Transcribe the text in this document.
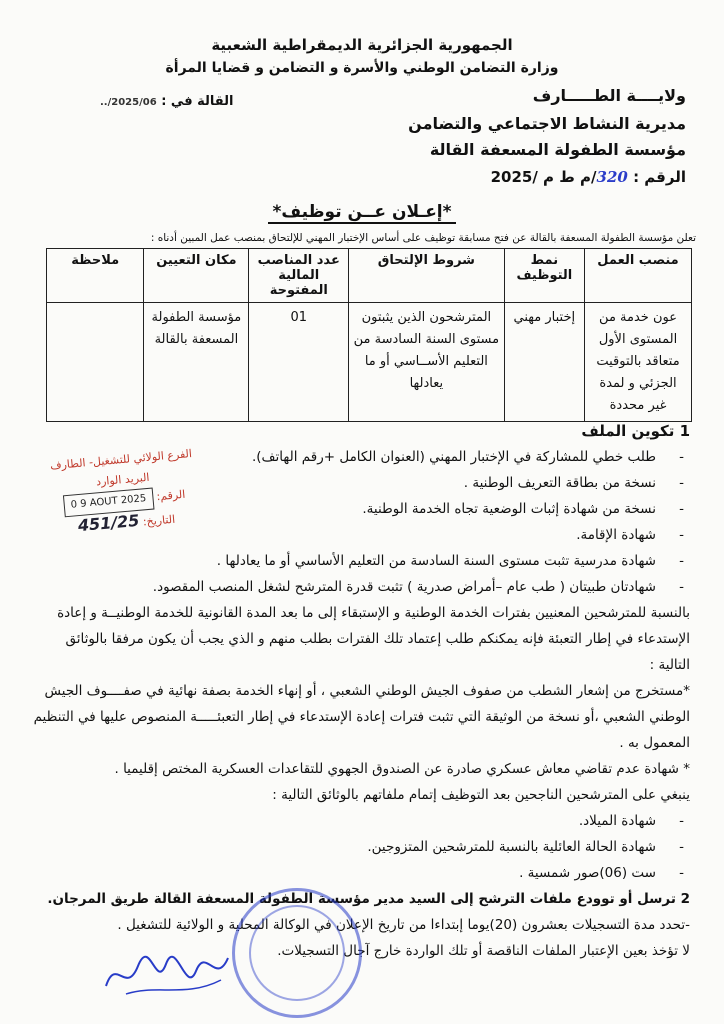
الجمهورية الجزائرية الديمقراطية الشعبية
وزارة التضامن الوطني والأسرة و التضامن و قضايا المرأة
ولايــــة الطـــــارف
القالة في : 2025/06/..
مديرية النشاط الاجتماعي والتضامن
مؤسسة الطفولة المسعفة القالة
الرقم : 320/م ط م /2025
*إعـلان عــن توظيف*
تعلن مؤسسة الطفولة المسعفة بالقالة عن فتح مسابقة توظيف على أساس الإختبار المهني للإلتحاق بمنصب عمل المبين أدناه :
منصب العمل	نمط التوظيف	شروط الإلتحاق	عدد المناصب المالية المفتوحة	مكان التعيين	ملاحظة
عون خدمة من المستوى الأول متعاقد بالتوقيت الجزئي و لمدة غير محددة	إختبار مهني	المترشحون الذين يثبتون مستوى السنة السادسة من التعليم الأســاسي أو ما يعادلها	01	مؤسسة الطفولة المسعفة بالقالة	
1 تكوين الملف
- طلب خطي للمشاركة في الإختبار المهني (العنوان الكامل +رقم الهاتف).
- نسخة من بطاقة التعريف الوطنية .
- نسخة من شهادة إثبات الوضعية تجاه الخدمة الوطنية.
- شهادة الإقامة.
- شهادة مدرسية تثبت مستوى السنة السادسة من التعليم الأساسي أو ما يعادلها .
- شهادتان طبيتان ( طب عام –أمراض صدرية ) تثبت قدرة المترشح لشغل المنصب المقصود.

بالنسبة للمترشحين المعنيين بفترات الخدمة الوطنية و الإستبقاء إلى ما بعد المدة القانونية للخدمة الوطنيــة و إعادة الإستدعاء في إطار التعبئة فإنه يمكنكم طلب إعتماد تلك الفترات بطلب منهم و الذي يجب أن يكون مرفقا بالوثائق التالية :

*مستخرج من إشعار الشطب من صفوف الجيش الوطني الشعبي ، أو إنهاء الخدمة بصفة نهائية في صفــــوف الجيش الوطني الشعبي ،أو نسخة من الوثيقة التي تثبت فترات إعادة الإستدعاء في إطار التعبئـــــة المنصوص عليها في التنظيم المعمول به .

* شهادة عدم تقاضي معاش عسكري صادرة عن الصندوق الجهوي للتقاعدات العسكرية المختص إقليميا .

ينبغي على المترشحين الناجحين بعد التوظيف إتمام ملفاتهم بالوثائق التالية :

- شهادة الميلاد.
- شهادة الحالة العائلية بالنسبة للمترشحين المتزوجين.
- ست (06)صور شمسية .

2 ترسل أو توودع ملفات الترشح إلى السيد مدير مؤسسة الطفولة المسعفة القالة طريق المرجان.

-تحدد مدة التسجيلات بعشرون (20)يوما إبتداءا من تاريخ الإعلان في الوكالة المحلية و الولائية للتشغيل .

لا تؤخذ بعين الإعتبار الملفات الناقصة أو تلك الواردة خارج آجال التسجيلات.

الفرع الولائي للتشغيل- الطارف
البريد الوارد
الرقم: 0 9 AOUT 2025
التاريخ: 451/25
